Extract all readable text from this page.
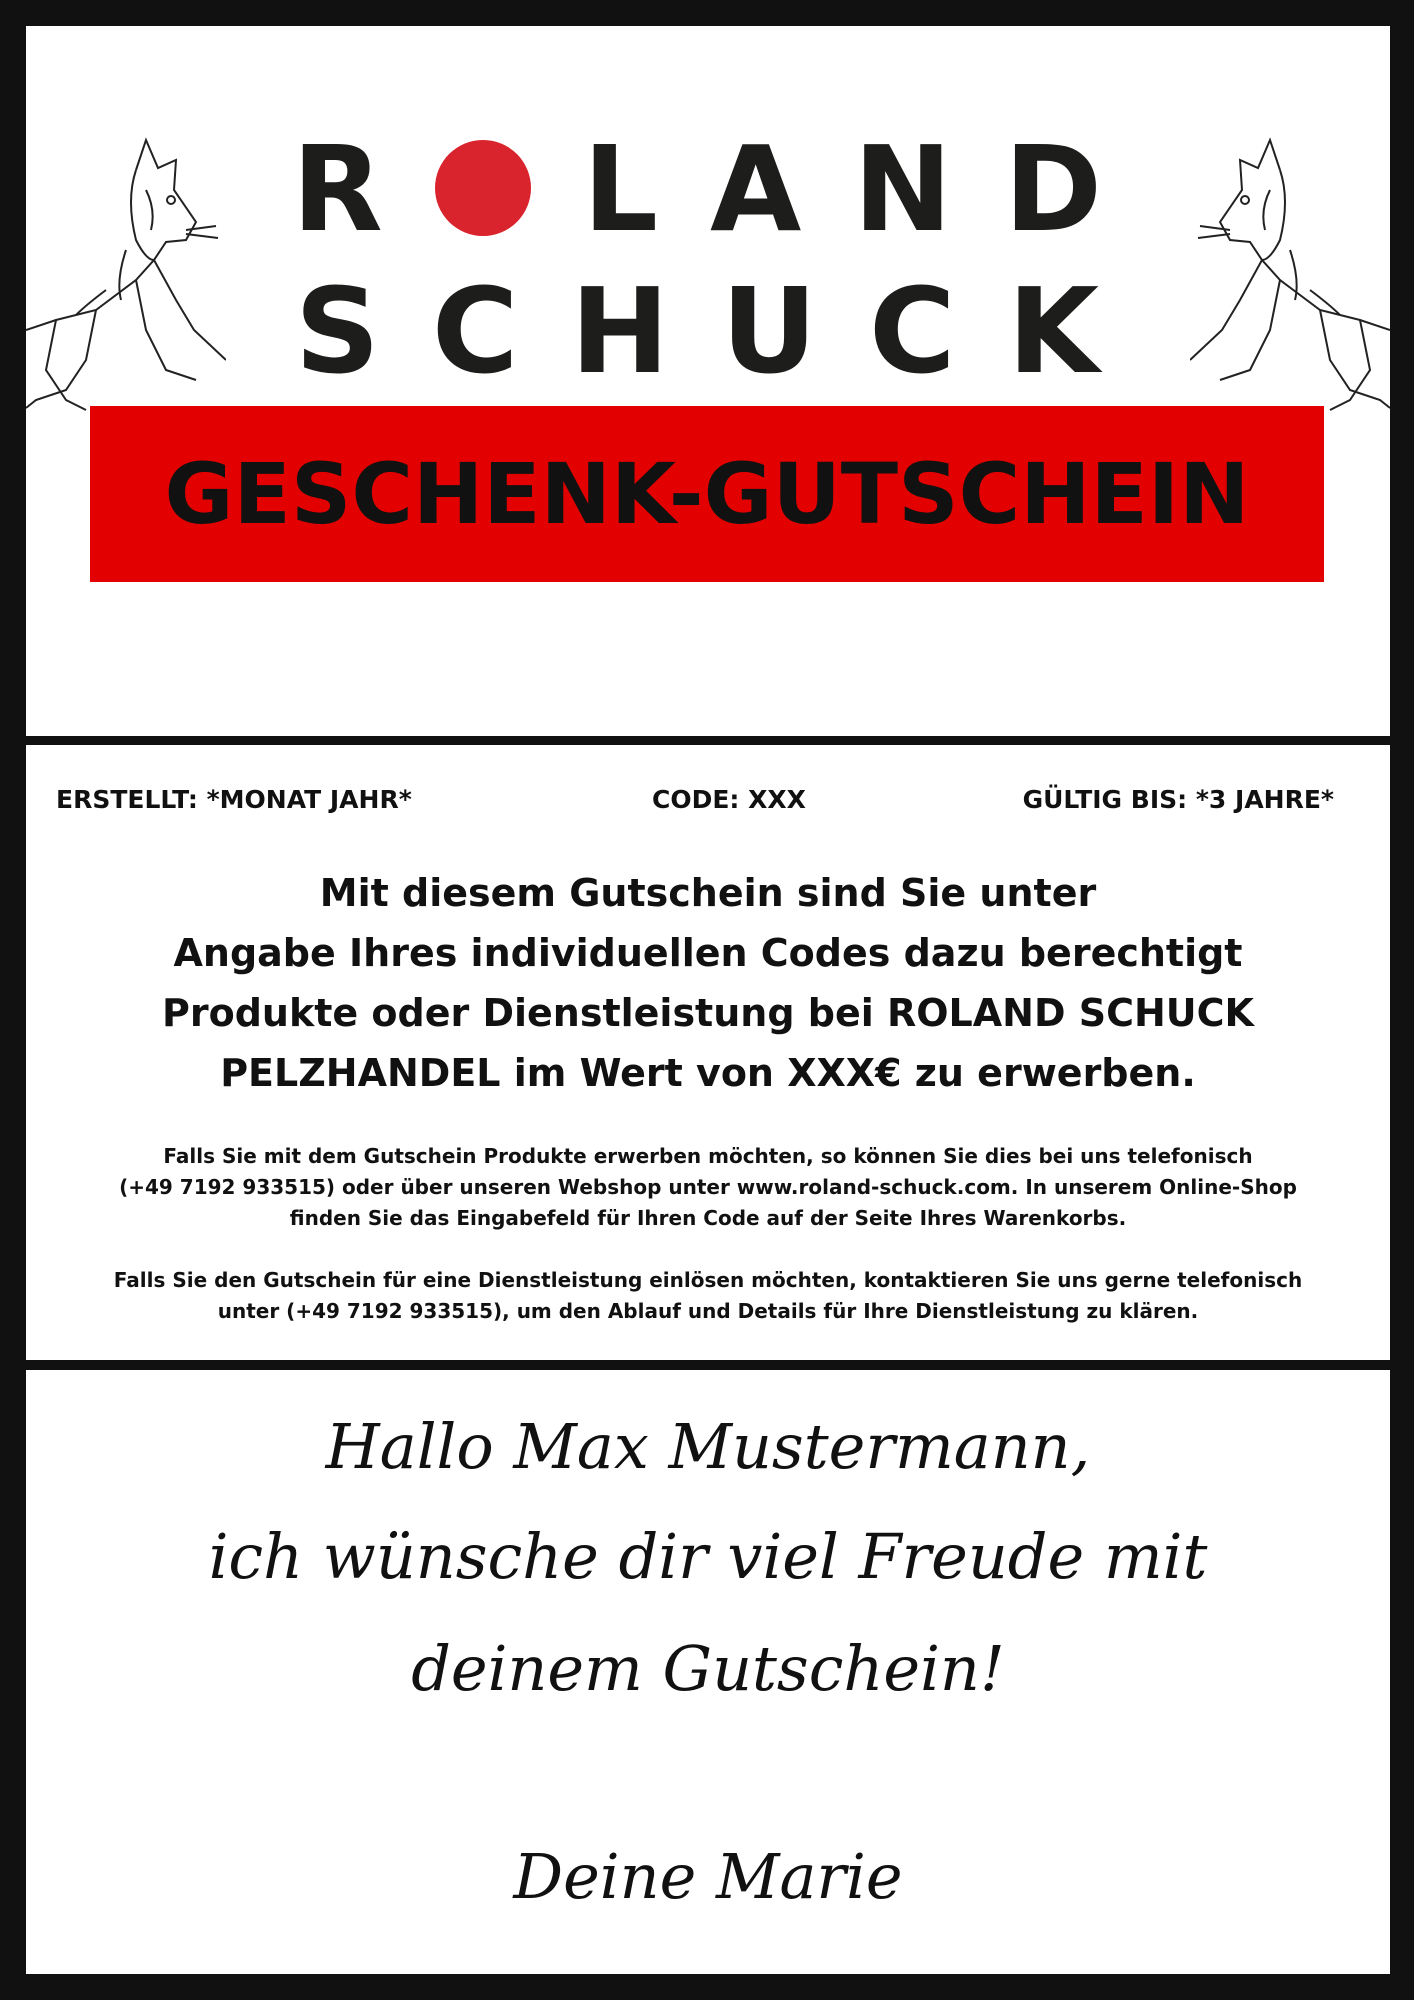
R LAND
SCHUCK
GESCHENK-GUTSCHEIN
ERSTELLT: *MONAT JAHR*	CODE: XXX	GÜLTIG BIS: *3 JAHRE*
Mit diesem Gutschein sind Sie unter
Angabe Ihres individuellen Codes dazu berechtigt
Produkte oder Dienstleistung bei ROLAND SCHUCK
PELZHANDEL im Wert von XXX€ zu erwerben.
Falls Sie mit dem Gutschein Produkte erwerben möchten, so können Sie dies bei uns telefonisch
(+49 7192 933515) oder über unseren Webshop unter www.roland-schuck.com. In unserem Online-Shop
finden Sie das Eingabefeld für Ihren Code auf der Seite Ihres Warenkorbs.
Falls Sie den Gutschein für eine Dienstleistung einlösen möchten, kontaktieren Sie uns gerne telefonisch
unter (+49 7192 933515), um den Ablauf und Details für Ihre Dienstleistung zu klären.
Hallo Max Mustermann,
ich wünsche dir viel Freude mit
deinem Gutschein!
Deine Marie
